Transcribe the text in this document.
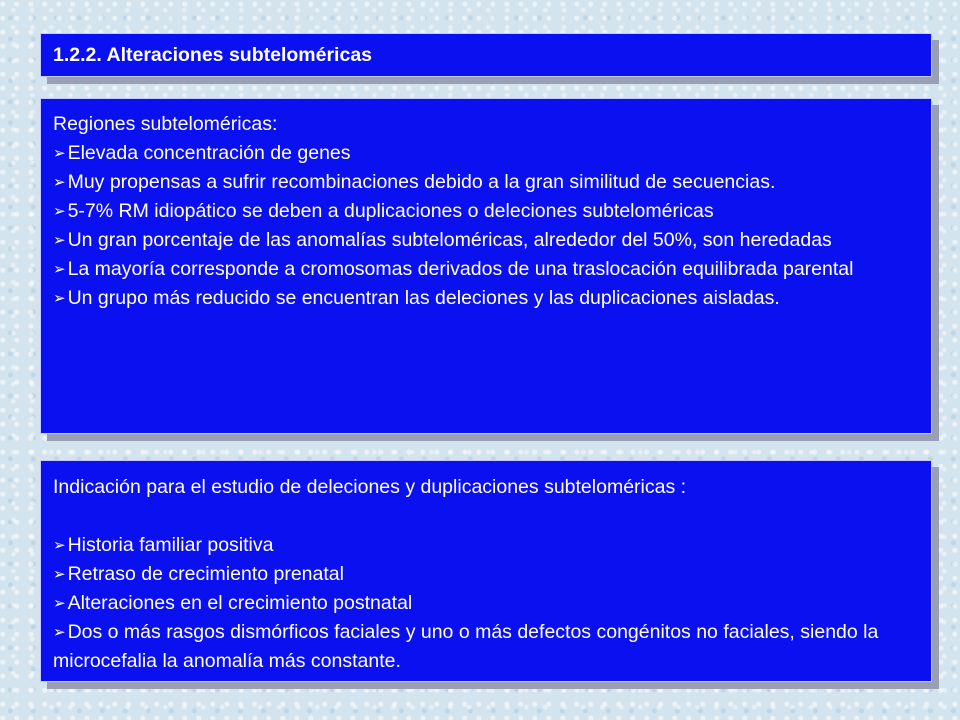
1.2.2. Alteraciones subteloméricas

Regiones subteloméricas:

➢ Elevada concentración de genes
➢ Muy propensas a sufrir recombinaciones debido a la gran similitud de secuencias.
➢ 5-7% RM idiopático se deben a duplicaciones o deleciones subteloméricas
➢ Un gran porcentaje de las anomalías subteloméricas, alrededor del 50%, son heredadas
➢ La mayoría corresponde a cromosomas derivados de una traslocación equilibrada parental
➢ Un grupo más reducido se encuentran las deleciones y las duplicaciones aisladas.

Indicación para el estudio de deleciones y duplicaciones subteloméricas :

➢ Historia familiar positiva
➢ Retraso de crecimiento prenatal
➢ Alteraciones en el crecimiento postnatal
➢ Dos o más rasgos dismórficos faciales y uno o más defectos congénitos no faciales, siendo la microcefalia la anomalía más constante.
